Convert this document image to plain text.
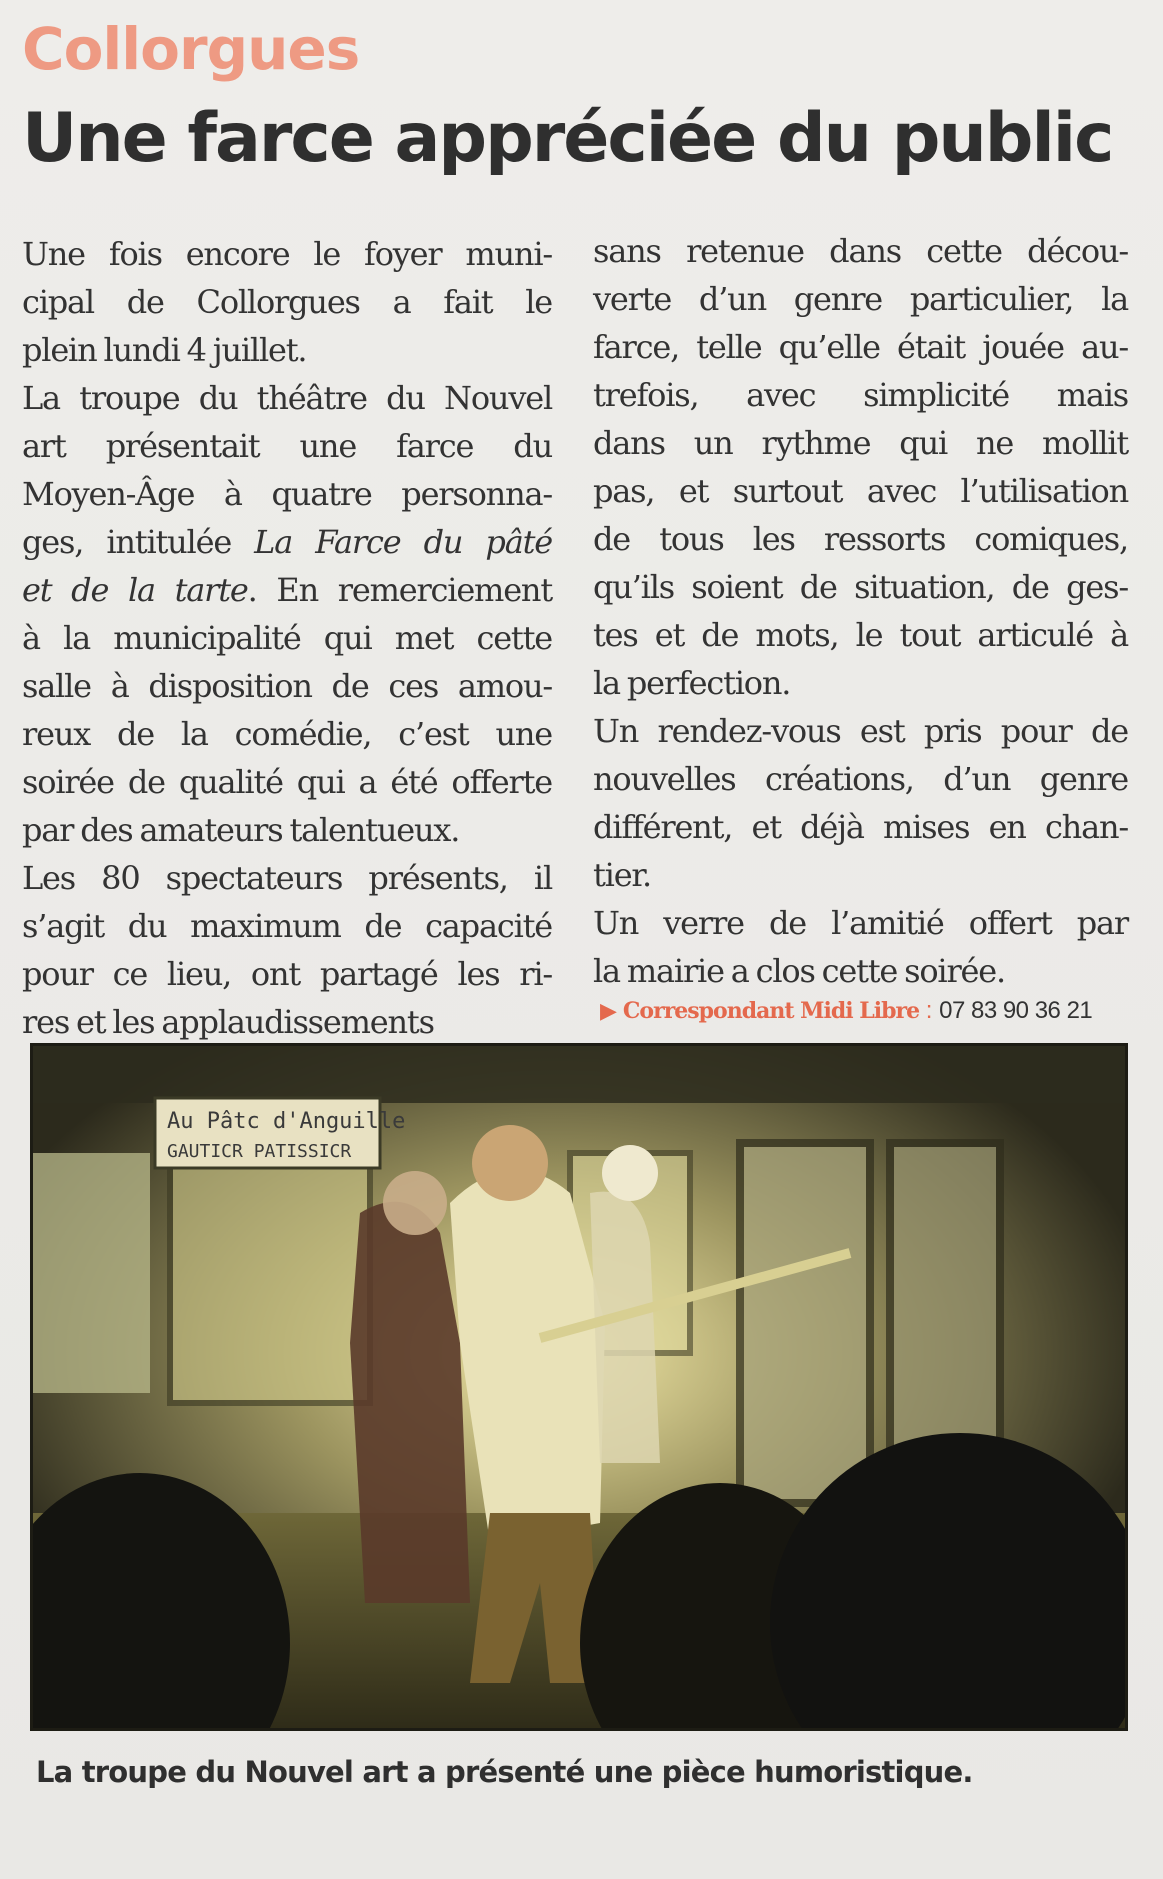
Collorgues
Une farce appréciée du public
Une fois encore le foyer muni-
cipal de Collorgues a fait le
plein lundi 4 juillet.
La troupe du théâtre du Nouvel
art présentait une farce du
Moyen-Âge à quatre personna-
ges, intitulée La Farce du pâté
et de la tarte. En remerciement
à la municipalité qui met cette
salle à disposition de ces amou-
reux de la comédie, c’est une
soirée de qualité qui a été offerte
par des amateurs talentueux.
Les 80 spectateurs présents, il
s’agit du maximum de capacité
pour ce lieu, ont partagé les ri-
res et les applaudissements
sans retenue dans cette décou-
verte d’un genre particulier, la
farce, telle qu’elle était jouée au-
trefois, avec simplicité mais
dans un rythme qui ne mollit
pas, et surtout avec l’utilisation
de tous les ressorts comiques,
qu’ils soient de situation, de ges-
tes et de mots, le tout articulé à
la perfection.
Un rendez-vous est pris pour de
nouvelles créations, d’un genre
différent, et déjà mises en chan-
tier.
Un verre de l’amitié offert par
la mairie a clos cette soirée.
▶ Correspondant Midi Libre : 07 83 90 36 21
Au Pâtc d'Anguille
GAUTICR PATISSICR
La troupe du Nouvel art a présenté une pièce humoristique.
